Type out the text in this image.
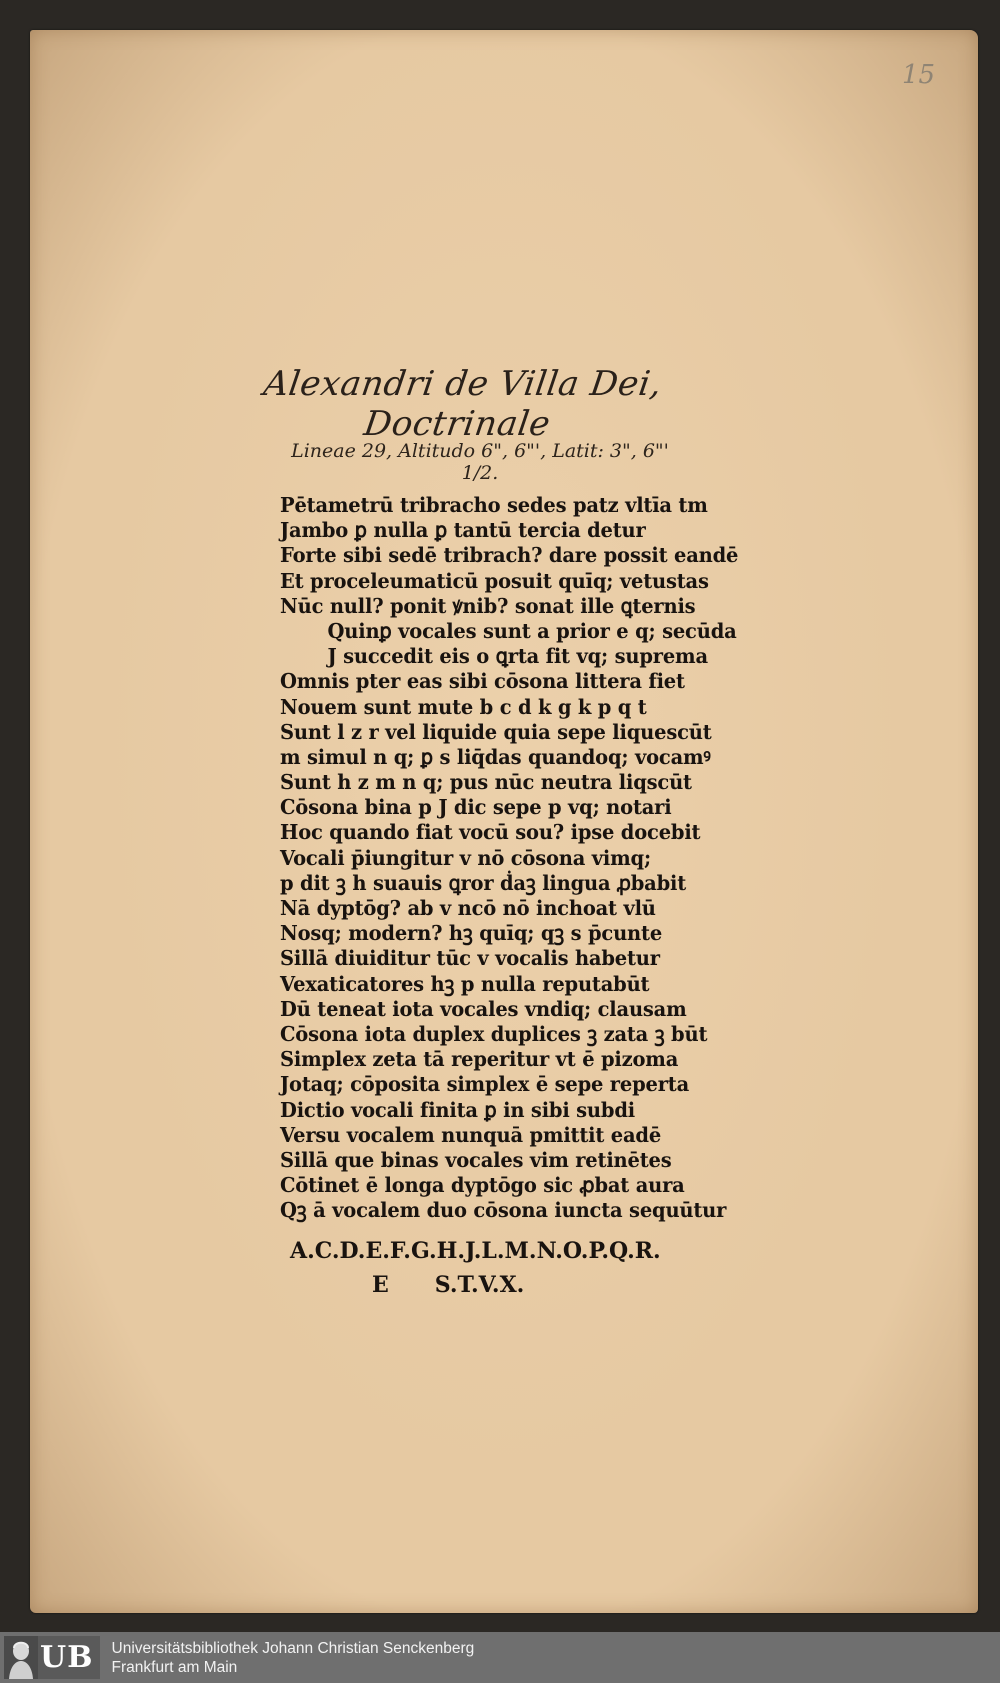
15
Alexandri de Villa Dei, Doctrinale
Lineae 29, Altitudo 6", 6"', Latit: 3", 6"' 1/2.
Pētametrū tribracho sedes patz vltīa tm
Jambo ꝑ nulla ꝑ tantū tercia detur
Forte sibi sedē tribrach? dare possit eandē
Et proceleumaticū posuit quīq; vetustas
Nūc null? ponit ꝟnib? sonat ille ꝗternis
Quinꝑ vocales sunt a prior e q; secūda
J succedit eis o ꝗrta fit vq; suprema
Omnis pter eas sibi cōsona littera fiet
Nouem sunt mute b c d k g k p q t
Sunt l z r vel liquide quia sepe liquescūt
m simul n q; ꝑ s liq̄das quandoq; vocamꝰ
Sunt h z m n q; pus nūc neutra liqscūt
Cōsona bina p J dic sepe p vq; notari
Hoc quando fiat vocū sou? ipse docebit
Vocali p̄iungitur v nō cōsona vimq;
p dit ꝫ h suauis ꝗror ḋaꝫ lingua ꝓbabit
Nā dyptōg? ab v ncō nō inchoat vlū
Nosq; modern? hꝫ quīq; qꝫ s p̄cunte
Sillā diuiditur tūc v vocalis habetur
Vexaticatores hꝫ p nulla reputabūt
Dū teneat iota vocales vndiq; clausam
Cōsona iota duplex duplices ꝫ zata ꝫ būt
Simplex zeta tā reperitur vt ē pizoma
Jotaq; cōposita simplex ē sepe reperta
Dictio vocali finita ꝑ in sibi subdi
Versu vocalem nunquā pmittit eadē
Sillā que binas vocales vim retinētes
Cōtinet ē longa dyptōgo sic ꝓbat aura
Qꝫ ā vocalem duo cōsona iuncta sequūtur
A.C.D.E.F.G.H.J.L.M.N.O.P.Q.R.
E      S.T.V.X.
UB Universitätsbibliothek Johann Christian Senckenberg
Frankfurt am Main
